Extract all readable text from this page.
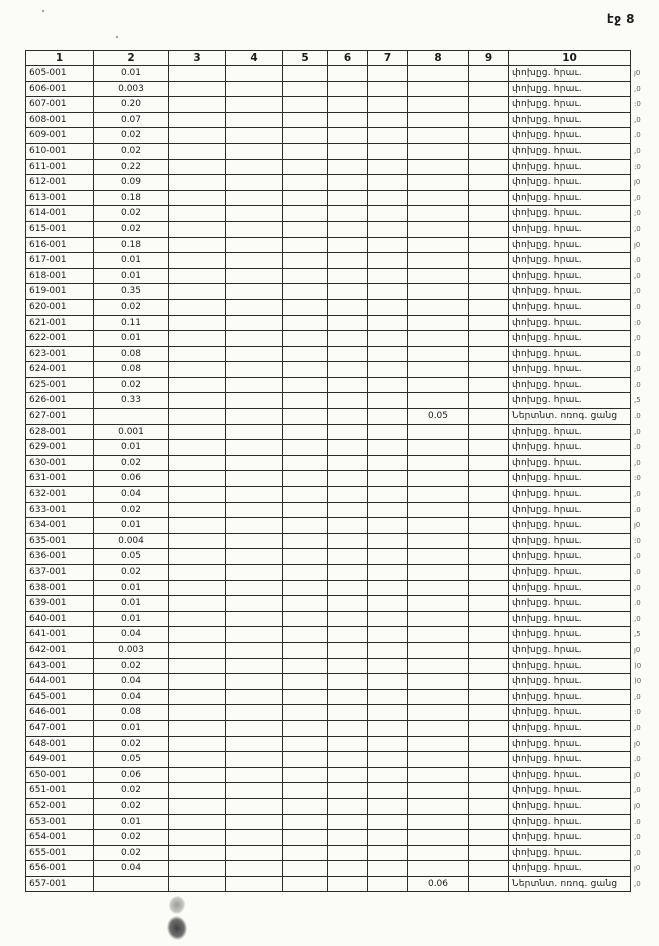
էջ 8
1	2	3	4	5	6	7	8	9	10	
605-001	0.01								փոխըց. հրաւ.	յ0
606-001	0.003								փոխըց. հրաւ.	,0
607-001	0.20								փոխըց. հրաւ.	:0
608-001	0.07								փոխըց. հրաւ.	,0
609-001	0.02								փոխըց. հրաւ.	.0
610-001	0.02								փոխըց. հրաւ.	,0
611-001	0.22								փոխըց. հրաւ.	:0
612-001	0.09								փոխըց. հրաւ.	յ0
613-001	0.18								փոխըց. հրաւ.	,0
614-001	0.02								փոխըց. հրաւ.	;0
615-001	0.02								փոխըց. հրաւ.	,0
616-001	0.18								փոխըց. հրաւ.	յ0
617-001	0.01								փոխըց. հրաւ.	.0
618-001	0.01								փոխըց. հրաւ.	,0
619-001	0.35								փոխըց. հրաւ.	,0
620-001	0.02								փոխըց. հրաւ.	.0
621-001	0.11								փոխըց. հրաւ.	:0
622-001	0.01								փոխըց. հրաւ.	,0
623-001	0.08								փոխըց. հրաւ.	.0
624-001	0.08								փոխըց. հրաւ.	,0
625-001	0.02								փոխըց. հրաւ.	.0
626-001	0.33								փոխըց. հրաւ.	,5
627-001							0.05		Ներտնտ. ոռոգ. ցանց	.0
628-001	0.001								փոխըց. հրաւ.	,0
629-001	0.01								փոխըց. հրաւ.	.0
630-001	0.02								փոխըց. հրաւ.	,0
631-001	0.06								փոխըց. հրաւ.	:0
632-001	0.04								փոխըց. հրաւ.	,0
633-001	0.02								փոխըց. հրաւ.	.0
634-001	0.01								փոխըց. հրաւ.	յ0
635-001	0.004								փոխըց. հրաւ.	:0
636-001	0.05								փոխըց. հրաւ.	,0
637-001	0.02								փոխըց. հրաւ.	.0
638-001	0.01								փոխըց. հրաւ.	,0
639-001	0.01								փոխըց. հրաւ.	.0
640-001	0.01								փոխըց. հրաւ.	,0
641-001	0.04								փոխըց. հրաւ.	,5
642-001	0.003								փոխըց. հրաւ.	յ0
643-001	0.02								փոխըց. հրաւ.	)0
644-001	0.04								փոխըց. հրաւ.	)0
645-001	0.04								փոխըց. հրաւ.	,0
646-001	0.08								փոխըց. հրաւ.	:0
647-001	0.01								փոխըց. հրաւ.	,0
648-001	0.02								փոխըց. հրաւ.	յ0
649-001	0.05								փոխըց. հրաւ.	.0
650-001	0.06								փոխըց. հրաւ.	յ0
651-001	0.02								փոխըց. հրաւ.	,0
652-001	0.02								փոխըց. հրաւ.	յ0
653-001	0.01								փոխըց. հրաւ.	.0
654-001	0.02								փոխըց. հրաւ.	,0
655-001	0.02								փոխըց. հրաւ.	,0
656-001	0.04								փոխըց. հրաւ.	յ0
657-001							0.06		Ներտնտ. ոռոգ. ցանց	,0
